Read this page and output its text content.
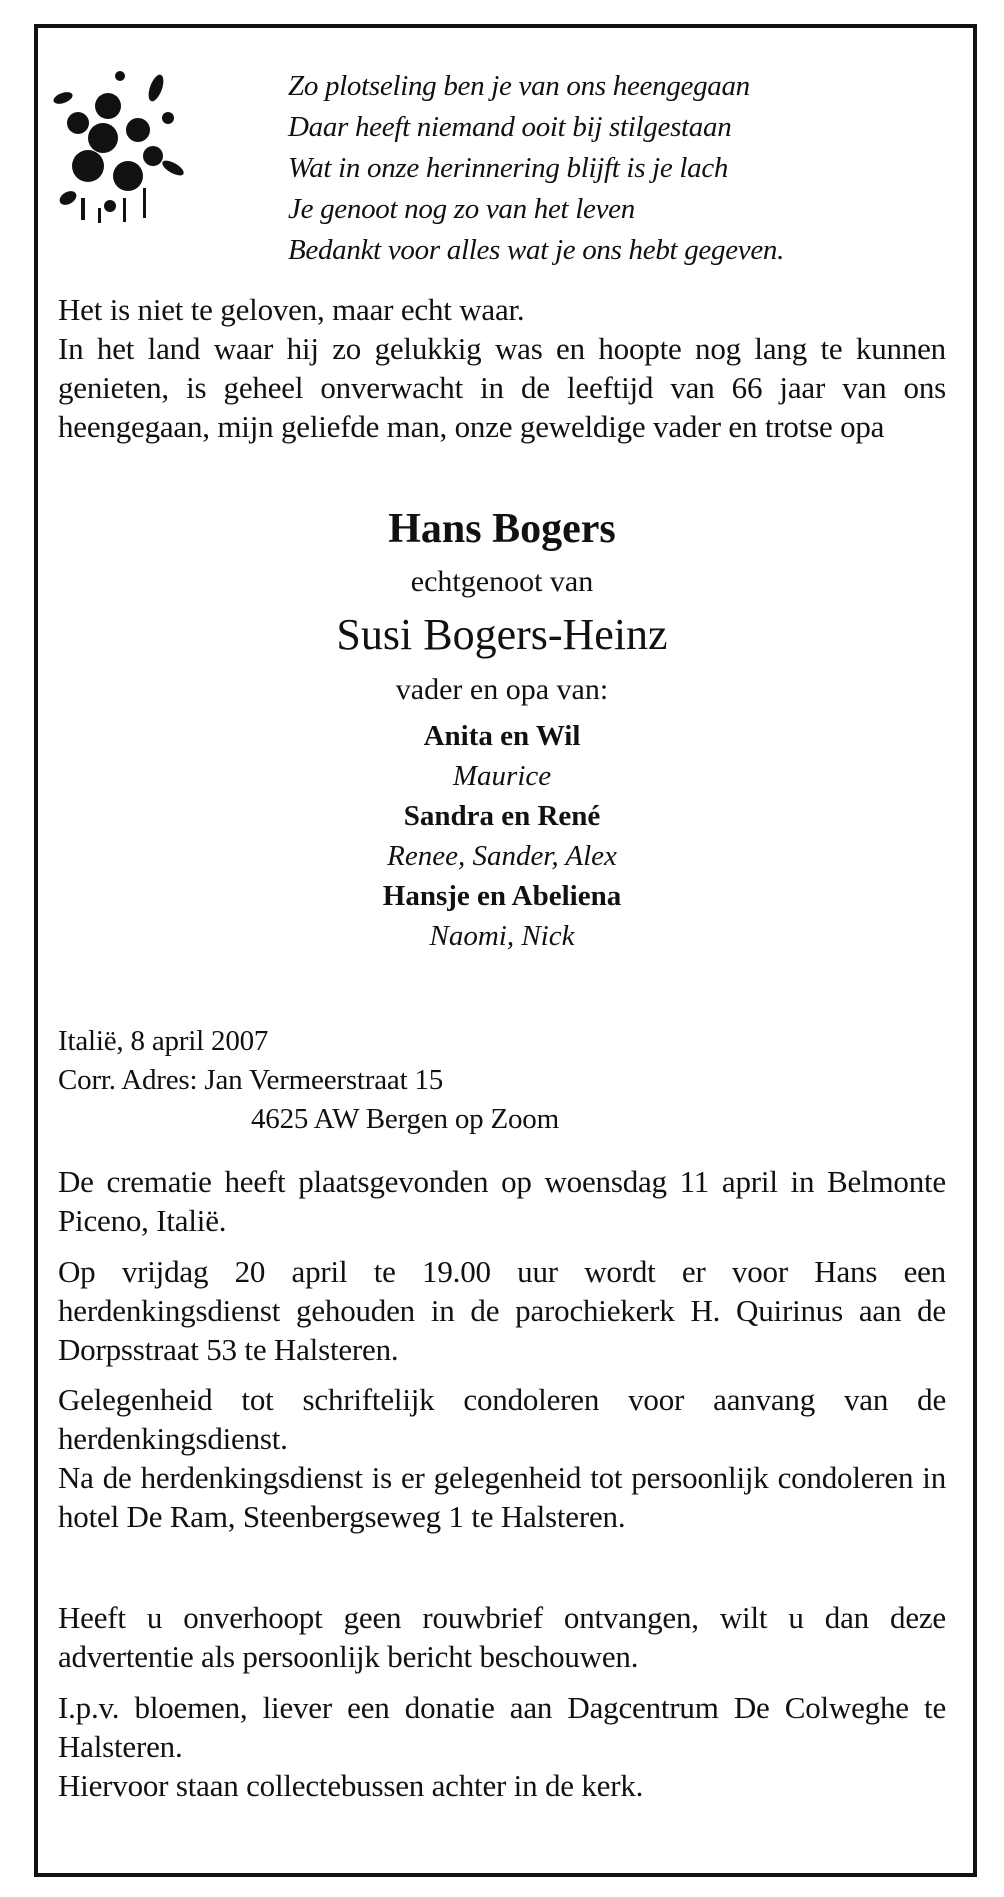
Zo plotseling ben je van ons heengegaan
Daar heeft niemand ooit bij stilgestaan
Wat in onze herinnering blijft is je lach
Je genoot nog zo van het leven
Bedankt voor alles wat je ons hebt gegeven.

Het is niet te geloven, maar echt waar.

In het land waar hij zo gelukkig was en hoopte nog lang te kunnen genieten, is geheel onverwacht in de leeftijd van 66 jaar van ons heengegaan, mijn geliefde man, onze geweldige vader en trotse opa

Hans Bogers
echtgenoot van
Susi Bogers-Heinz
vader en opa van:
Anita en Wil
Maurice
Sandra en René
Renee, Sander, Alex
Hansje en Abeliena
Naomi, Nick
Italië, 8 april 2007
Corr. Adres: Jan Vermeerstraat 15
4625 AW Bergen op Zoom

De crematie heeft plaatsgevonden op woensdag 11 april in Belmonte Piceno, Italië.

Op vrijdag 20 april te 19.00 uur wordt er voor Hans een herdenkingsdienst gehouden in de parochiekerk H. Quirinus aan de Dorpsstraat 53 te Halsteren.

Gelegenheid tot schriftelijk condoleren voor aanvang van de herdenkingsdienst.

Na de herdenkingsdienst is er gelegenheid tot persoonlijk condoleren in hotel De Ram, Steenbergseweg 1 te Halsteren.

Heeft u onverhoopt geen rouwbrief ontvangen, wilt u dan deze advertentie als persoonlijk bericht beschouwen.

I.p.v. bloemen, liever een donatie aan Dagcentrum De Colweghe te Halsteren.

Hiervoor staan collectebussen achter in de kerk.
